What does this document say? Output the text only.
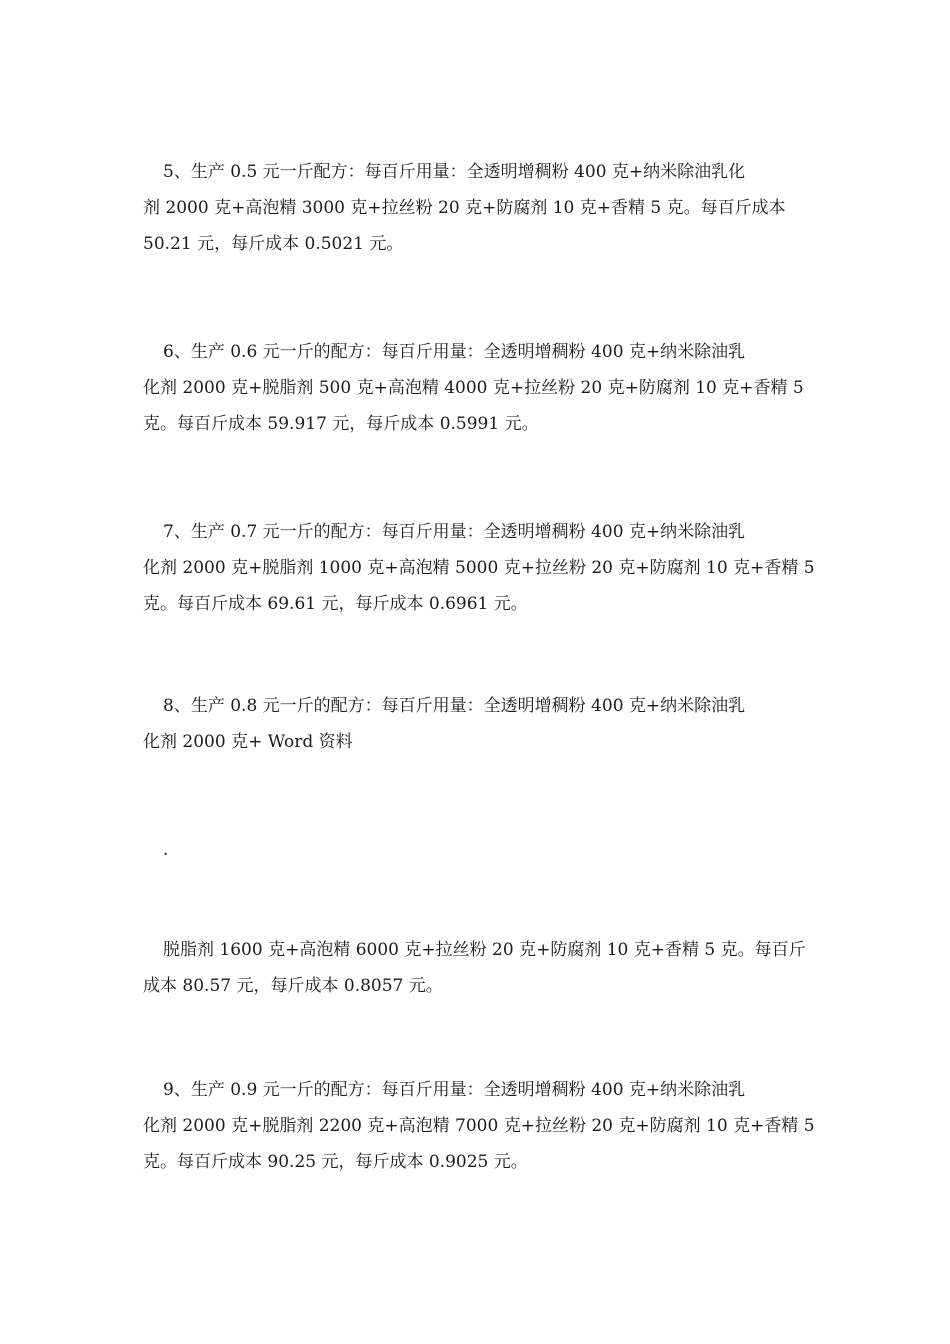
5、生产 0.5 元一斤配方：每百斤用量：全透明增稠粉 400 克+纳米除油乳化
剂 2000 克+高泡精 3000 克+拉丝粉 20 克+防腐剂 10 克+香精 5 克。每百斤成本
50.21 元，每斤成本 0.5021 元。

6、生产 0.6 元一斤的配方：每百斤用量：全透明增稠粉 400 克+纳米除油乳
化剂 2000 克+脱脂剂 500 克+高泡精 4000 克+拉丝粉 20 克+防腐剂 10 克+香精 5
克。每百斤成本 59.917 元，每斤成本 0.5991 元。

7、生产 0.7 元一斤的配方：每百斤用量：全透明增稠粉 400 克+纳米除油乳
化剂 2000 克+脱脂剂 1000 克+高泡精 5000 克+拉丝粉 20 克+防腐剂 10 克+香精 5
克。每百斤成本 69.61 元，每斤成本 0.6961 元。

8、生产 0.8 元一斤的配方：每百斤用量：全透明增稠粉 400 克+纳米除油乳
化剂 2000 克+ Word 资料

.

脱脂剂 1600 克+高泡精 6000 克+拉丝粉 20 克+防腐剂 10 克+香精 5 克。每百斤
成本 80.57 元，每斤成本 0.8057 元。

9、生产 0.9 元一斤的配方：每百斤用量：全透明增稠粉 400 克+纳米除油乳
化剂 2000 克+脱脂剂 2200 克+高泡精 7000 克+拉丝粉 20 克+防腐剂 10 克+香精 5
克。每百斤成本 90.25 元，每斤成本 0.9025 元。
